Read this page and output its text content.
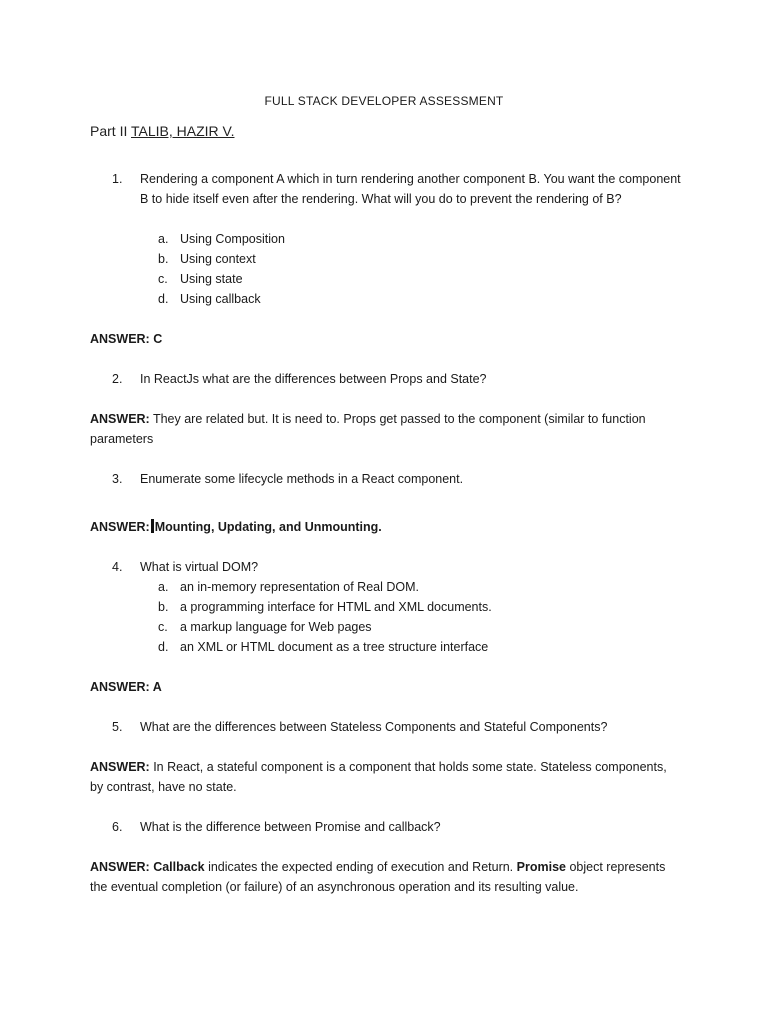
FULL STACK DEVELOPER ASSESSMENT
Part II TALIB, HAZIR V.
1.	Rendering a component A which in turn rendering another component B. You want the component B to hide itself even after the rendering. What will you do to prevent the rendering of B?
a. Using Composition
b. Using context
c. Using state
d. Using callback
ANSWER: C
2.	In ReactJs what are the differences between Props and State?
ANSWER: They are related but. It is need to. Props get passed to the component (similar to function parameters
3.	Enumerate some lifecycle methods in a React component.
ANSWER: Mounting, Updating, and Unmounting.
4.	What is virtual DOM?
a. an in-memory representation of Real DOM.
b. a programming interface for HTML and XML documents.
c. a markup language for Web pages
d. an XML or HTML document as a tree structure interface
ANSWER: A
5.	What are the differences between Stateless Components and Stateful Components?
ANSWER: In React, a stateful component is a component that holds some state. Stateless components, by contrast, have no state.
6.	What is the difference between Promise and callback?
ANSWER: Callback indicates the expected ending of execution and Return. Promise object represents the eventual completion (or failure) of an asynchronous operation and its resulting value.
